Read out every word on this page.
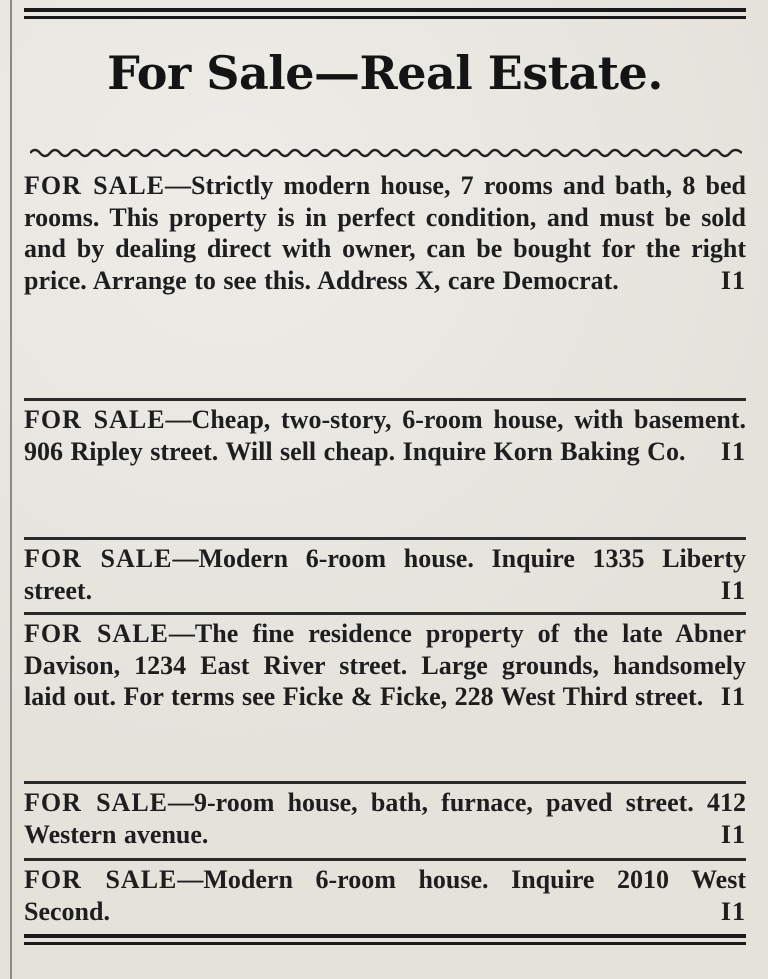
For Sale—Real Estate.
FOR SALE—Strictly modern house, 7 rooms and bath, 8 bed rooms. This property is in perfect condition, and must be sold and by dealing direct with owner, can be bought for the right price. Arrange to see this. Address X, care Democrat.	I1
FOR SALE—Cheap, two-story, 6-room house, with basement. 906 Ripley street. Will sell cheap. Inquire Korn Baking Co. I1
FOR SALE—Modern 6-room house. Inquire 1335 Liberty street.	I1
FOR SALE—The fine residence property of the late Abner Davison, 1234 East River street. Large grounds, handsomely laid out. For terms see Ficke & Ficke, 228 West Third street. I1
FOR SALE—9-room house, bath, furnace, paved street. 412 Western avenue.	I1
FOR SALE—Modern 6-room house. Inquire 2010 West Second.	I1
